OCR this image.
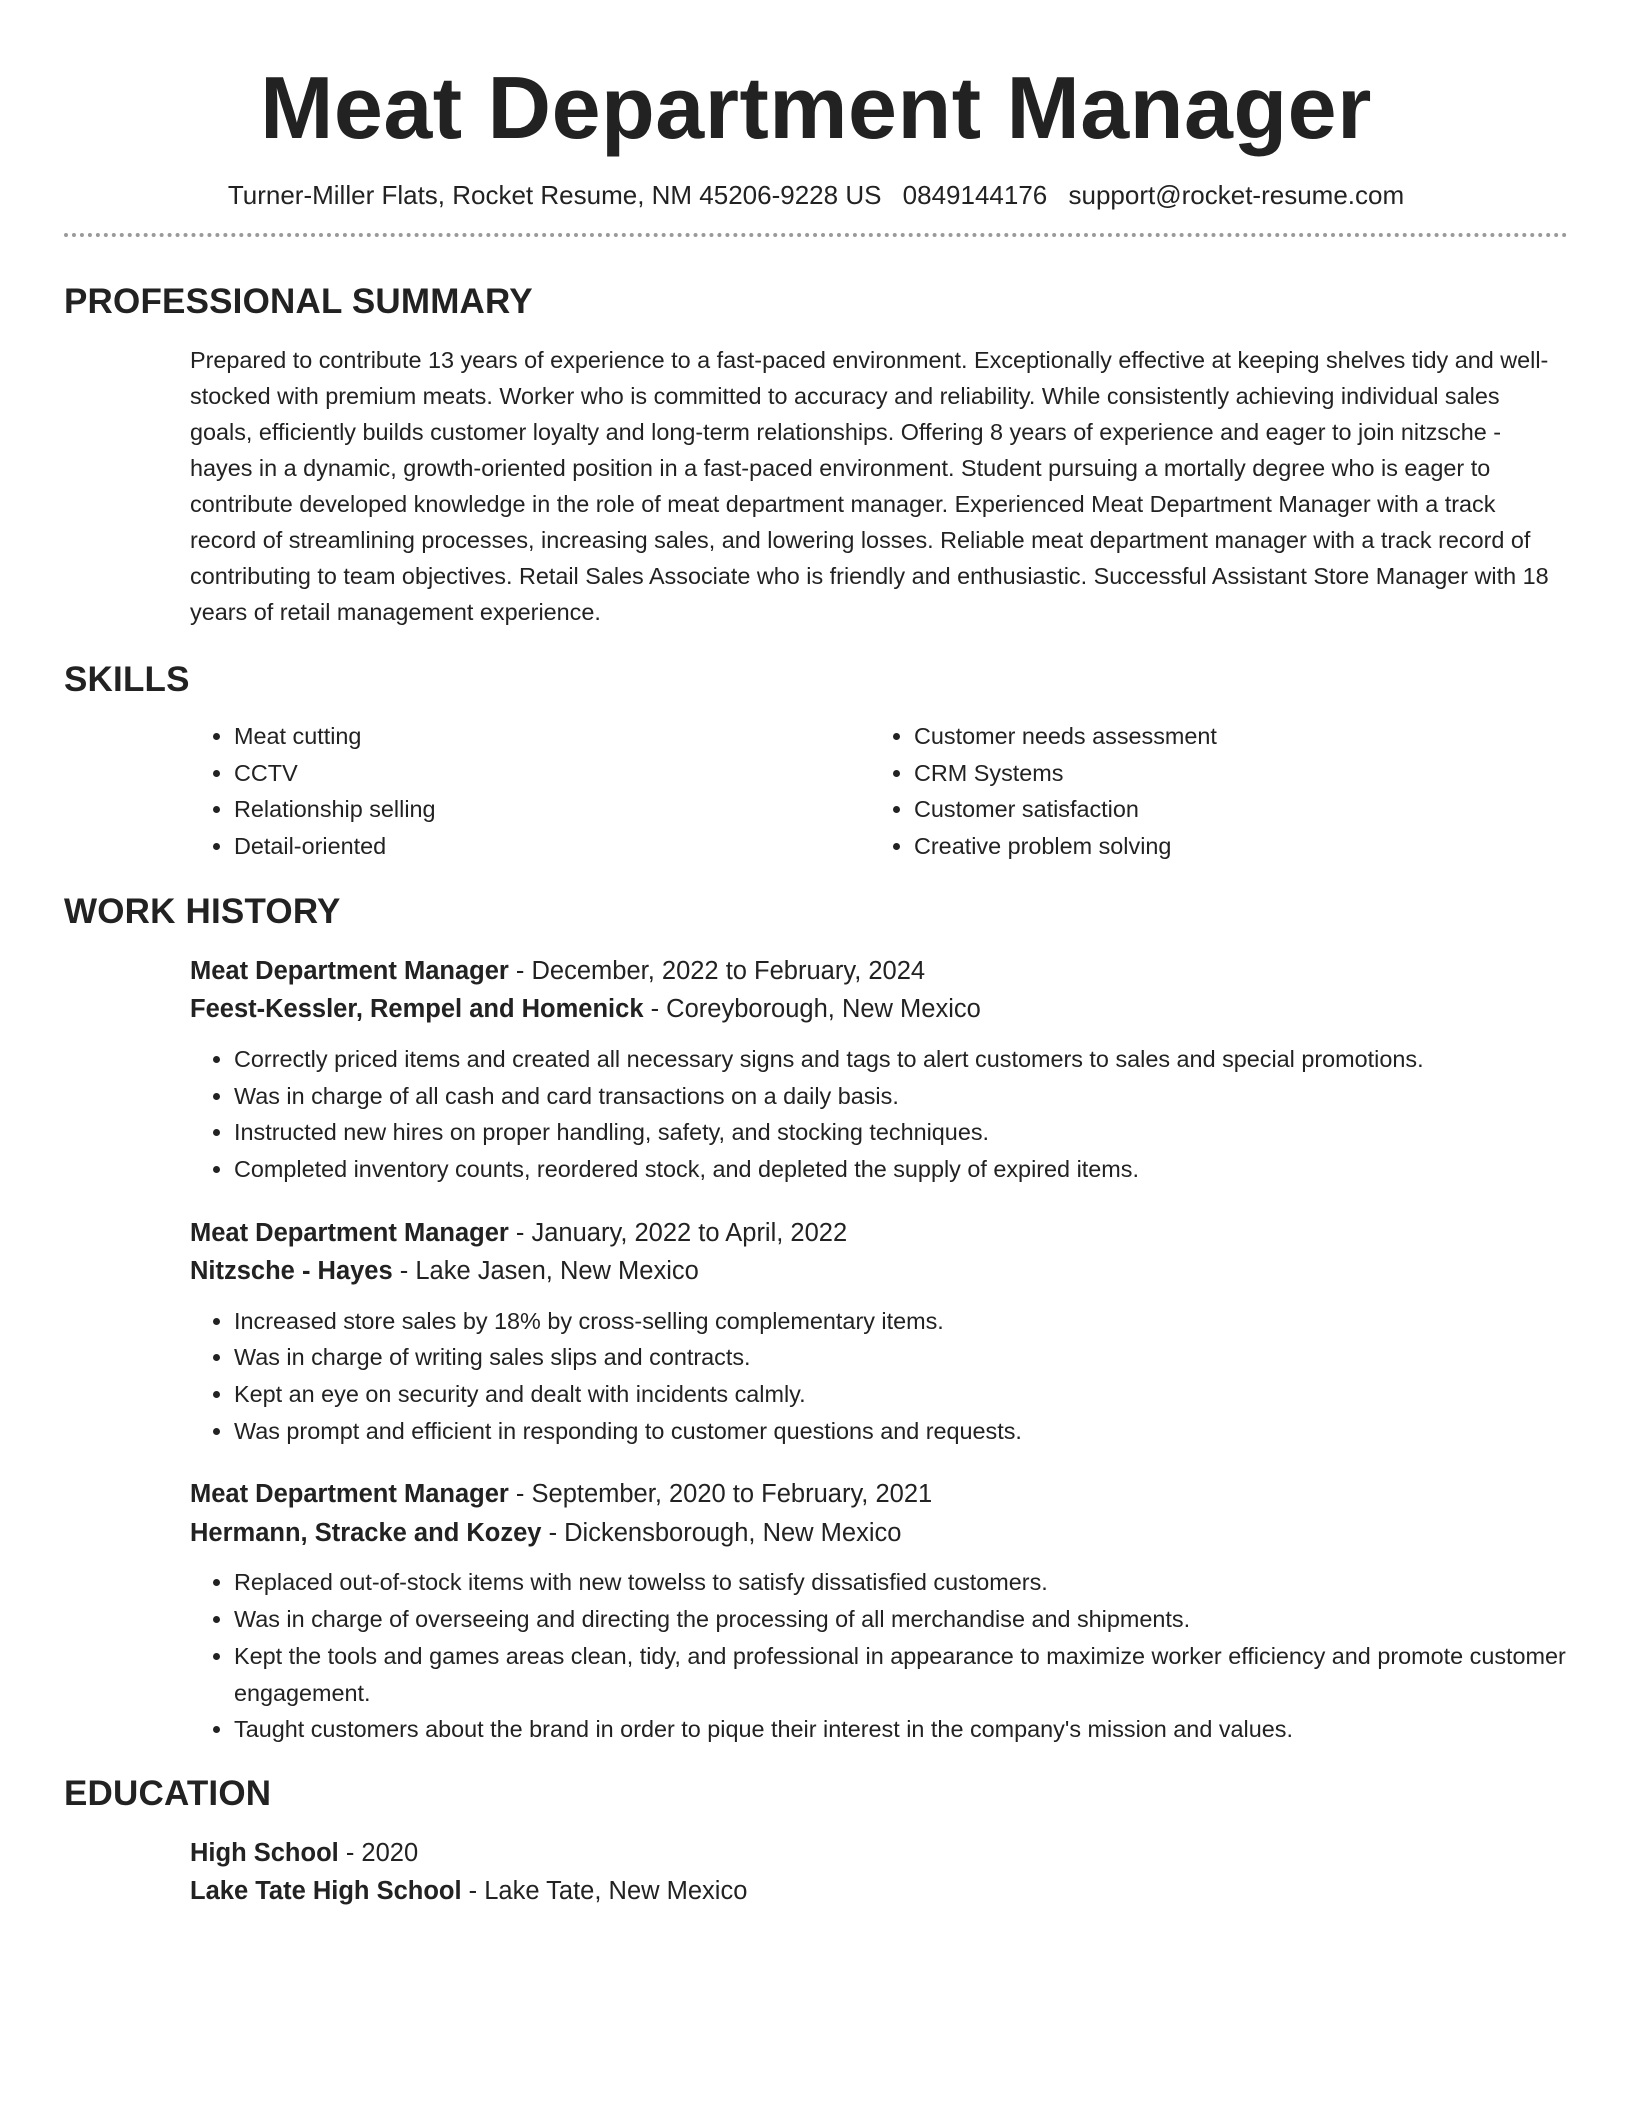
Meat Department Manager
Turner-Miller Flats, Rocket Resume, NM 45206-9228 US 0849144176 support@rocket-resume.com
PROFESSIONAL SUMMARY

Prepared to contribute 13 years of experience to a fast-paced environment. Exceptionally effective at keeping shelves tidy and well-stocked with premium meats. Worker who is committed to accuracy and reliability. While consistently achieving individual sales goals, efficiently builds customer loyalty and long-term relationships. Offering 8 years of experience and eager to join nitzsche - hayes in a dynamic, growth-oriented position in a fast-paced environment. Student pursuing a mortally degree who is eager to contribute developed knowledge in the role of meat department manager. Experienced Meat Department Manager with a track record of streamlining processes, increasing sales, and lowering losses. Reliable meat department manager with a track record of contributing to team objectives. Retail Sales Associate who is friendly and enthusiastic. Successful Assistant Store Manager with 18 years of retail management experience.

SKILLS
• Meat cutting
• CCTV
• Relationship selling
• Detail-oriented
• Customer needs assessment
• CRM Systems
• Customer satisfaction
• Creative problem solving
WORK HISTORY
Meat Department Manager - December, 2022 to February, 2024
Feest-Kessler, Rempel and Homenick - Coreyborough, New Mexico
• Correctly priced items and created all necessary signs and tags to alert customers to sales and special promotions.
• Was in charge of all cash and card transactions on a daily basis.
• Instructed new hires on proper handling, safety, and stocking techniques.
• Completed inventory counts, reordered stock, and depleted the supply of expired items.
Meat Department Manager - January, 2022 to April, 2022
Nitzsche - Hayes - Lake Jasen, New Mexico
• Increased store sales by 18% by cross-selling complementary items.
• Was in charge of writing sales slips and contracts.
• Kept an eye on security and dealt with incidents calmly.
• Was prompt and efficient in responding to customer questions and requests.
Meat Department Manager - September, 2020 to February, 2021
Hermann, Stracke and Kozey - Dickensborough, New Mexico
• Replaced out-of-stock items with new towelss to satisfy dissatisfied customers.
• Was in charge of overseeing and directing the processing of all merchandise and shipments.
• Kept the tools and games areas clean, tidy, and professional in appearance to maximize worker efficiency and promote customer engagement.
• Taught customers about the brand in order to pique their interest in the company's mission and values.
EDUCATION
High School - 2020
Lake Tate High School - Lake Tate, New Mexico
